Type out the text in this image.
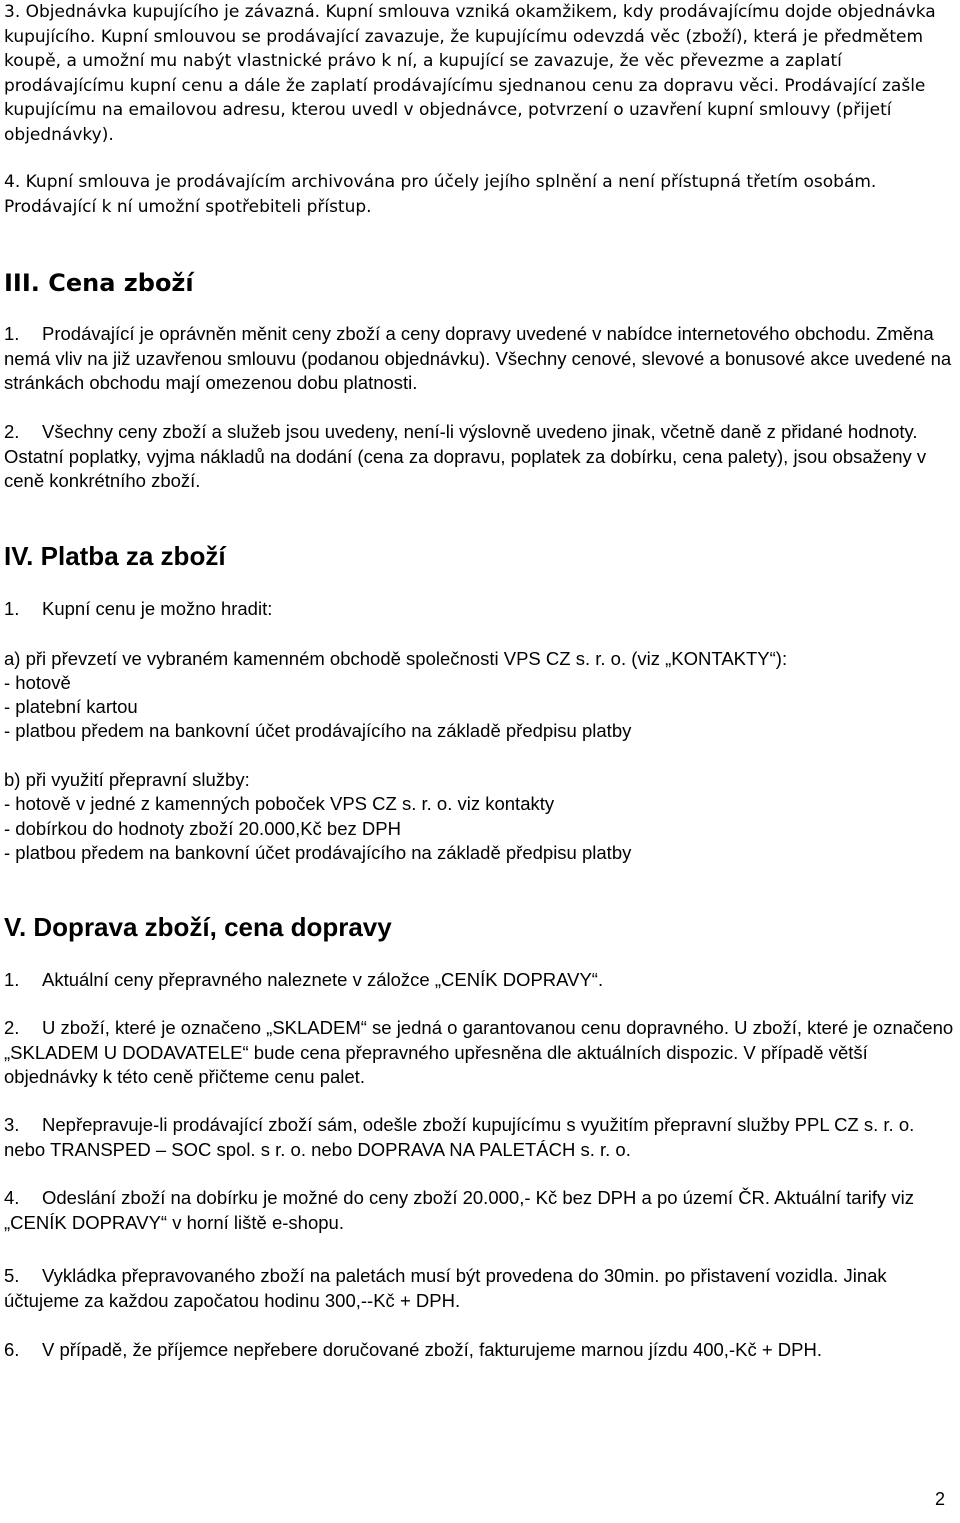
3. Objednávka kupujícího je závazná. Kupní smlouva vzniká okamžikem, kdy prodávajícímu dojde objednávka kupujícího. Kupní smlouvou se prodávající zavazuje, že kupujícímu odevzdá věc (zboží), která je předmětem koupě, a umožní mu nabýt vlastnické právo k ní, a kupující se zavazuje, že věc převezme a zaplatí prodávajícímu kupní cenu a dále že zaplatí prodávajícímu sjednanou cenu za dopravu věci. Prodávající zašle kupujícímu na emailovou adresu, kterou uvedl v objednávce, potvrzení o uzavření kupní smlouvy (přijetí objednávky).

4. Kupní smlouva je prodávajícím archivována pro účely jejího splnění a není přístupná třetím osobám. Prodávající k ní umožní spotřebiteli přístup.

III. Cena zboží

1. Prodávající je oprávněn měnit ceny zboží a ceny dopravy uvedené v nabídce internetového obchodu. Změna nemá vliv na již uzavřenou smlouvu (podanou objednávku). Všechny cenové, slevové a bonusové akce uvedené na stránkách obchodu mají omezenou dobu platnosti.

2. Všechny ceny zboží a služeb jsou uvedeny, není-li výslovně uvedeno jinak, včetně daně z přidané hodnoty. Ostatní poplatky, vyjma nákladů na dodání (cena za dopravu, poplatek za dobírku, cena palety), jsou obsaženy v ceně konkrétního zboží.

IV. Platba za zboží

1. Kupní cenu je možno hradit:

a) při převzetí ve vybraném kamenném obchodě společnosti VPS CZ s. r. o. (viz „KONTAKTY“):

- hotově

- platební kartou

- platbou předem na bankovní účet prodávajícího na základě předpisu platby

b) při využití přepravní služby:

- hotově v jedné z kamenných poboček VPS CZ s. r. o. viz kontakty

- dobírkou do hodnoty zboží 20.000,Kč bez DPH

- platbou předem na bankovní účet prodávajícího na základě předpisu platby

V. Doprava zboží, cena dopravy

1. Aktuální ceny přepravného naleznete v záložce „CENÍK DOPRAVY“.

2. U zboží, které je označeno „SKLADEM“ se jedná o garantovanou cenu dopravného. U zboží, které je označeno „SKLADEM U DODAVATELE“ bude cena přepravného upřesněna dle aktuálních dispozic. V případě větší objednávky k této ceně přičteme cenu palet.

3. Nepřepravuje-li prodávající zboží sám, odešle zboží kupujícímu s využitím přepravní služby PPL CZ s. r. o. nebo TRANSPED – SOC spol. s r. o. nebo DOPRAVA NA PALETÁCH s. r. o.

4. Odeslání zboží na dobírku je možné do ceny zboží 20.000,- Kč bez DPH a po území ČR. Aktuální tarify viz „CENÍK DOPRAVY“ v horní liště e-shopu.

5. Vykládka přepravovaného zboží na paletách musí být provedena do 30min. po přistavení vozidla. Jinak účtujeme za každou započatou hodinu 300,--Kč + DPH.

6. V případě, že příjemce nepřebere doručované zboží, fakturujeme marnou jízdu 400,-Kč + DPH.

2
